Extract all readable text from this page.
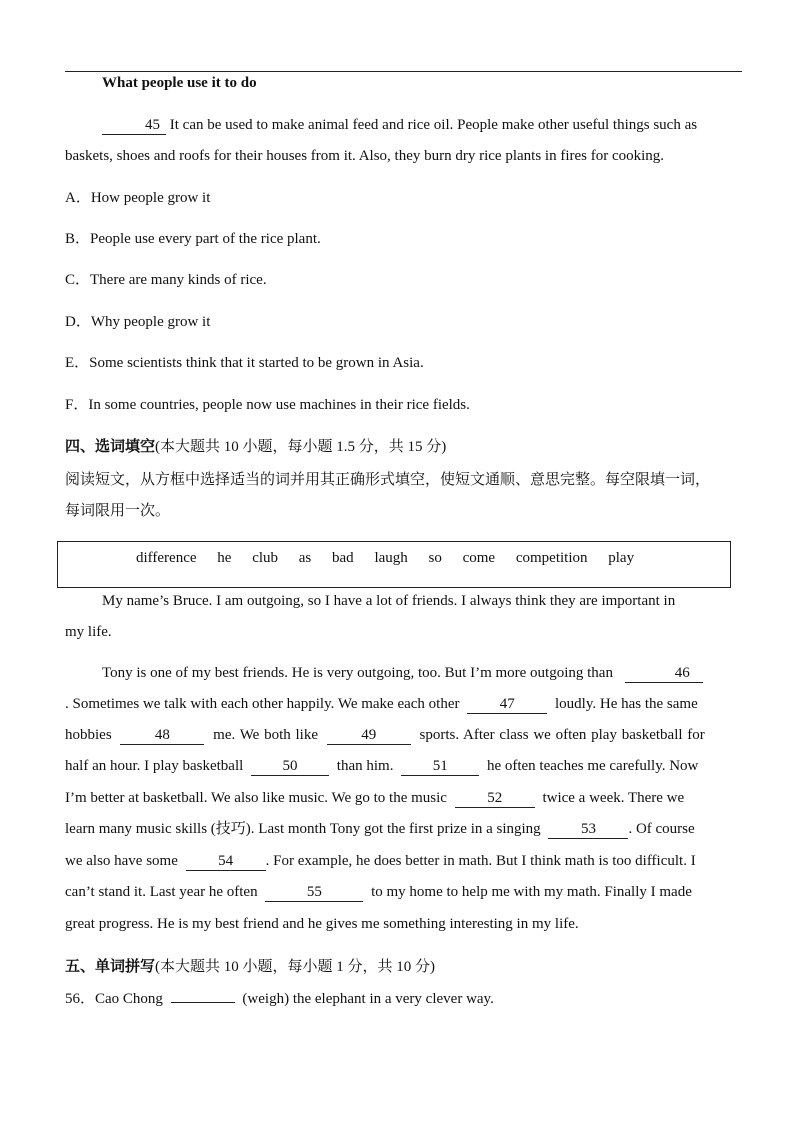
What people use it to do
45 It can be used to make animal feed and rice oil. People make other useful things such as
baskets, shoes and roofs for their houses from it. Also, they burn dry rice plants in fires for cooking.
A．How people grow it
B．People use every part of the rice plant.
C．There are many kinds of rice.
D．Why people grow it
E．Some scientists think that it started to be grown in Asia.
F．In some countries, people now use machines in their rice fields.
四、选词填空(本大题共 10 小题，每小题 1.5 分，共 15 分)
阅读短文，从方框中选择适当的词并用其正确形式填空，使短文通顺、意思完整。每空限填一词，
每词限用一次。
difference he club as bad laugh so come competition play
My name’s Bruce. I am outgoing, so I have a lot of friends. I always think they are important in
my life.
Tony is one of my best friends. He is very outgoing, too. But I’m more outgoing than	46
. Sometimes we talk with each other happily. We make each other	47	loudly. He has the same
hobbies	48	me. We both like	49	sports. After class we often play basketball for
half an hour. I play basketball	50	than him.	51	he often teaches me carefully. Now
I’m better at basketball. We also like music. We go to the music	52	twice a week. There we
learn many music skills (技巧). Last month Tony got the first prize in a singing	53 . Of course
we also have some	54 . For example, he does better in math. But I think math is too difficult. I
can’t stand it. Last year he often	55	to my home to help me with my math. Finally I made
great progress. He is my best friend and he gives me something interesting in my life.
五、单词拼写(本大题共 10 小题，每小题 1 分，共 10 分)
56．Cao Chong	(weigh) the elephant in a very clever way.
